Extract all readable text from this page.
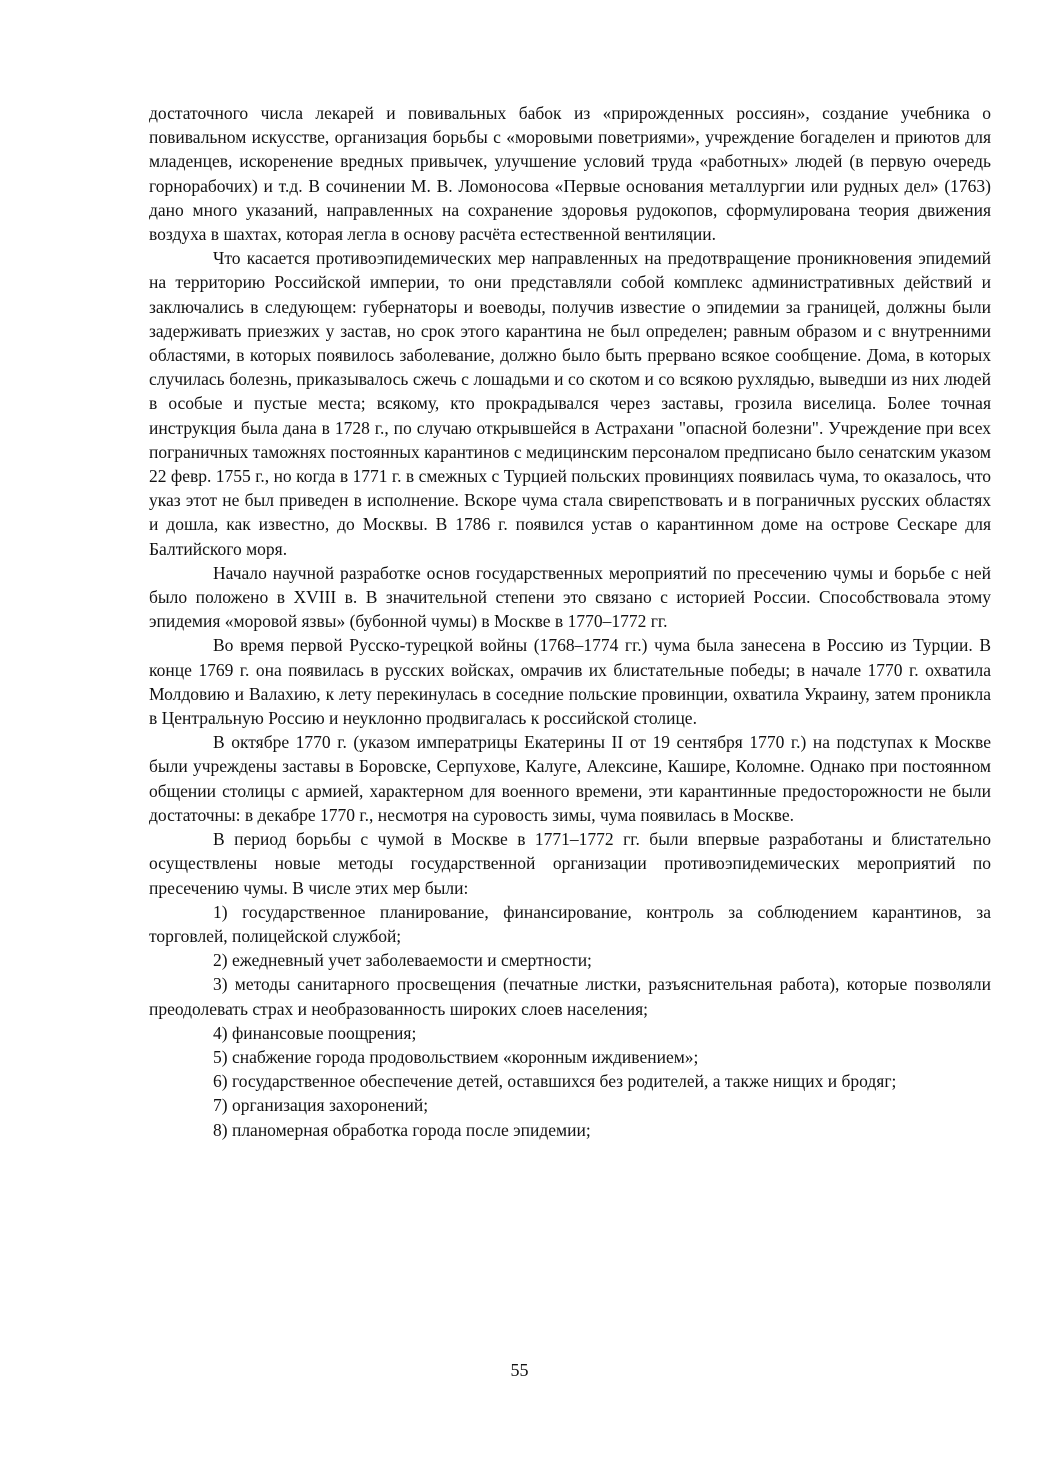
достаточного числа лекарей и повивальных бабок из «прирожденных россиян», создание учебника о повивальном искусстве, организация борьбы с «моровыми поветриями», учреждение богаделен и приютов для младенцев, искоренение вредных привычек, улучшение условий труда «работных» людей (в первую очередь горнорабочих) и т.д. В сочинении М. В. Ломоносова «Первые основания металлургии или рудных дел» (1763) дано много указаний, направленных на сохранение здоровья рудокопов, сформулирована теория движения воздуха в шахтах, которая легла в основу расчёта естественной вентиляции.

Что касается противоэпидемических мер направленных на предотвращение проникновения эпидемий на территорию Российской империи, то они представляли собой комплекс административных действий и заключались в следующем: губернаторы и воеводы, получив известие о эпидемии за границей, должны были задерживать приезжих у застав, но срок этого карантина не был определен; равным образом и с внутренними областями, в которых появилось заболевание, должно было быть прервано всякое сообщение. Дома, в которых случилась болезнь, приказывалось сжечь с лошадьми и со скотом и со всякою рухлядью, выведши из них людей в особые и пустые места; всякому, кто прокрадывался через заставы, грозила виселица. Более точная инструкция была дана в 1728 г., по случаю открывшейся в Астрахани "опасной болезни". Учреждение при всех пограничных таможнях постоянных карантинов с медицинским персоналом предписано было сенатским указом 22 февр. 1755 г., но когда в 1771 г. в смежных с Турцией польских провинциях появилась чума, то оказалось, что указ этот не был приведен в исполнение. Вскоре чума стала свирепствовать и в пограничных русских областях и дошла, как известно, до Москвы. В 1786 г. появился устав о карантинном доме на острове Сескаре для Балтийского моря.

Начало научной разработке основ государственных мероприятий по пресечению чумы и борьбе с ней было положено в XVIII в. В значительной степени это связано с историей России. Способствовала этому эпидемия «моровой язвы» (бубонной чумы) в Москве в 1770–1772 гг.

Во время первой Русско-турецкой войны (1768–1774 гг.) чума была занесена в Россию из Турции. В конце 1769 г. она появилась в русских войсках, омрачив их блистательные победы; в начале 1770 г. охватила Молдовию и Валахию, к лету перекинулась в соседние польские провинции, охватила Украину, затем проникла в Центральную Россию и неуклонно продвигалась к российской столице.

В октябре 1770 г. (указом императрицы Екатерины II от 19 сентября 1770 г.) на подступах к Москве были учреждены заставы в Боровске, Серпухове, Калуге, Алексине, Кашире, Коломне. Однако при постоянном общении столицы с армией, характерном для военного времени, эти карантинные предосторожности не были достаточны: в декабре 1770 г., несмотря на суровость зимы, чума появилась в Москве.

В период борьбы с чумой в Москве в 1771–1772 гг. были впервые разработаны и блистательно осуществлены новые методы государственной организации противоэпидемических мероприятий по пресечению чумы. В числе этих мер были:

1) государственное планирование, финансирование, контроль за соблюдением карантинов, за торговлей, полицейской службой;

2) ежедневный учет заболеваемости и смертности;

3) методы санитарного просвещения (печатные листки, разъяснительная работа), которые позволяли преодолевать страх и необразованность широких слоев населения;

4) финансовые поощрения;

5) снабжение города продовольствием «коронным иждивением»;

6) государственное обеспечение детей, оставшихся без родителей, а также нищих и бродяг;

7) организация захоронений;

8) планомерная обработка города после эпидемии;

55
